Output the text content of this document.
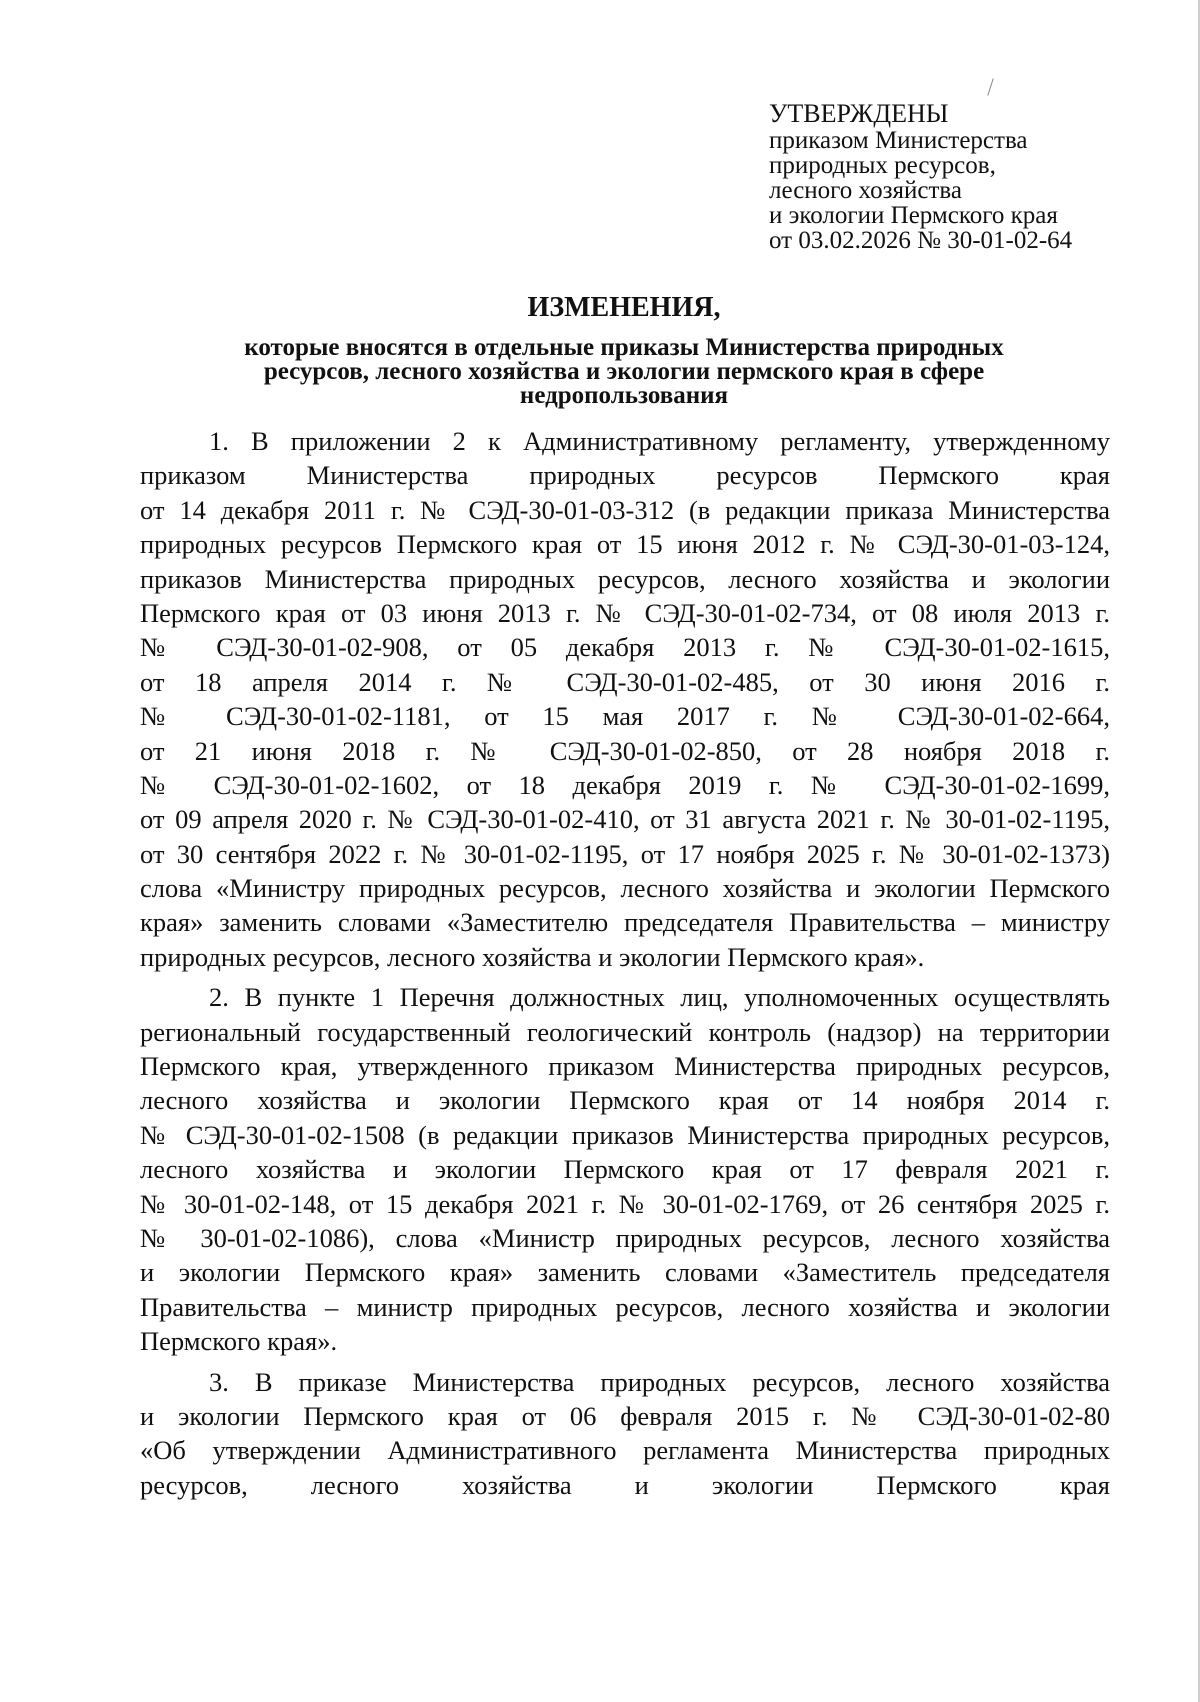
УТВЕРЖДЕНЫ
приказом Министерства
природных ресурсов,
лесного хозяйства
и экологии Пермского края
от 03.02.2026 № 30-01-02-64
ИЗМЕНЕНИЯ,
которые вносятся в отдельные приказы Министерства природных
ресурсов, лесного хозяйства и экологии пермского края в сфере
недропользования
1. В приложении 2 к Административному регламенту, утвержденному
приказом Министерства природных ресурсов Пермского края
от 14 декабря 2011 г. № СЭД-30-01-03-312 (в редакции приказа Министерства
природных ресурсов Пермского края от 15 июня 2012 г. № СЭД-30-01-03-124,
приказов Министерства природных ресурсов, лесного хозяйства и экологии
Пермского края от 03 июня 2013 г. № СЭД-30-01-02-734, от 08 июля 2013 г.
№ СЭД-30-01-02-908, от 05 декабря 2013 г. № СЭД-30-01-02-1615,
от 18 апреля 2014 г. № СЭД-30-01-02-485, от 30 июня 2016 г.
№ СЭД-30-01-02-1181, от 15 мая 2017 г. № СЭД-30-01-02-664,
от 21 июня 2018 г. № СЭД-30-01-02-850, от 28 ноября 2018 г.
№ СЭД-30-01-02-1602, от 18 декабря 2019 г. № СЭД-30-01-02-1699,
от 09 апреля 2020 г. № СЭД-30-01-02-410, от 31 августа 2021 г. № 30-01-02-1195,
от 30 сентября 2022 г. № 30-01-02-1195, от 17 ноября 2025 г. № 30-01-02-1373)
слова «Министру природных ресурсов, лесного хозяйства и экологии Пермского
края» заменить словами «Заместителю председателя Правительства – министру
природных ресурсов, лесного хозяйства и экологии Пермского края».
2. В пункте 1 Перечня должностных лиц, уполномоченных осуществлять
региональный государственный геологический контроль (надзор) на территории
Пермского края, утвержденного приказом Министерства природных ресурсов,
лесного хозяйства и экологии Пермского края от 14 ноября 2014 г.
№ СЭД-30-01-02-1508 (в редакции приказов Министерства природных ресурсов,
лесного хозяйства и экологии Пермского края от 17 февраля 2021 г.
№ 30-01-02-148, от 15 декабря 2021 г. № 30-01-02-1769, от 26 сентября 2025 г.
№ 30-01-02-1086), слова «Министр природных ресурсов, лесного хозяйства
и экологии Пермского края» заменить словами «Заместитель председателя
Правительства – министр природных ресурсов, лесного хозяйства и экологии
Пермского края».
3. В приказе Министерства природных ресурсов, лесного хозяйства
и экологии Пермского края от 06 февраля 2015 г. № СЭД-30-01-02-80
«Об утверждении Административного регламента Министерства природных
ресурсов, лесного хозяйства и экологии Пермского края
